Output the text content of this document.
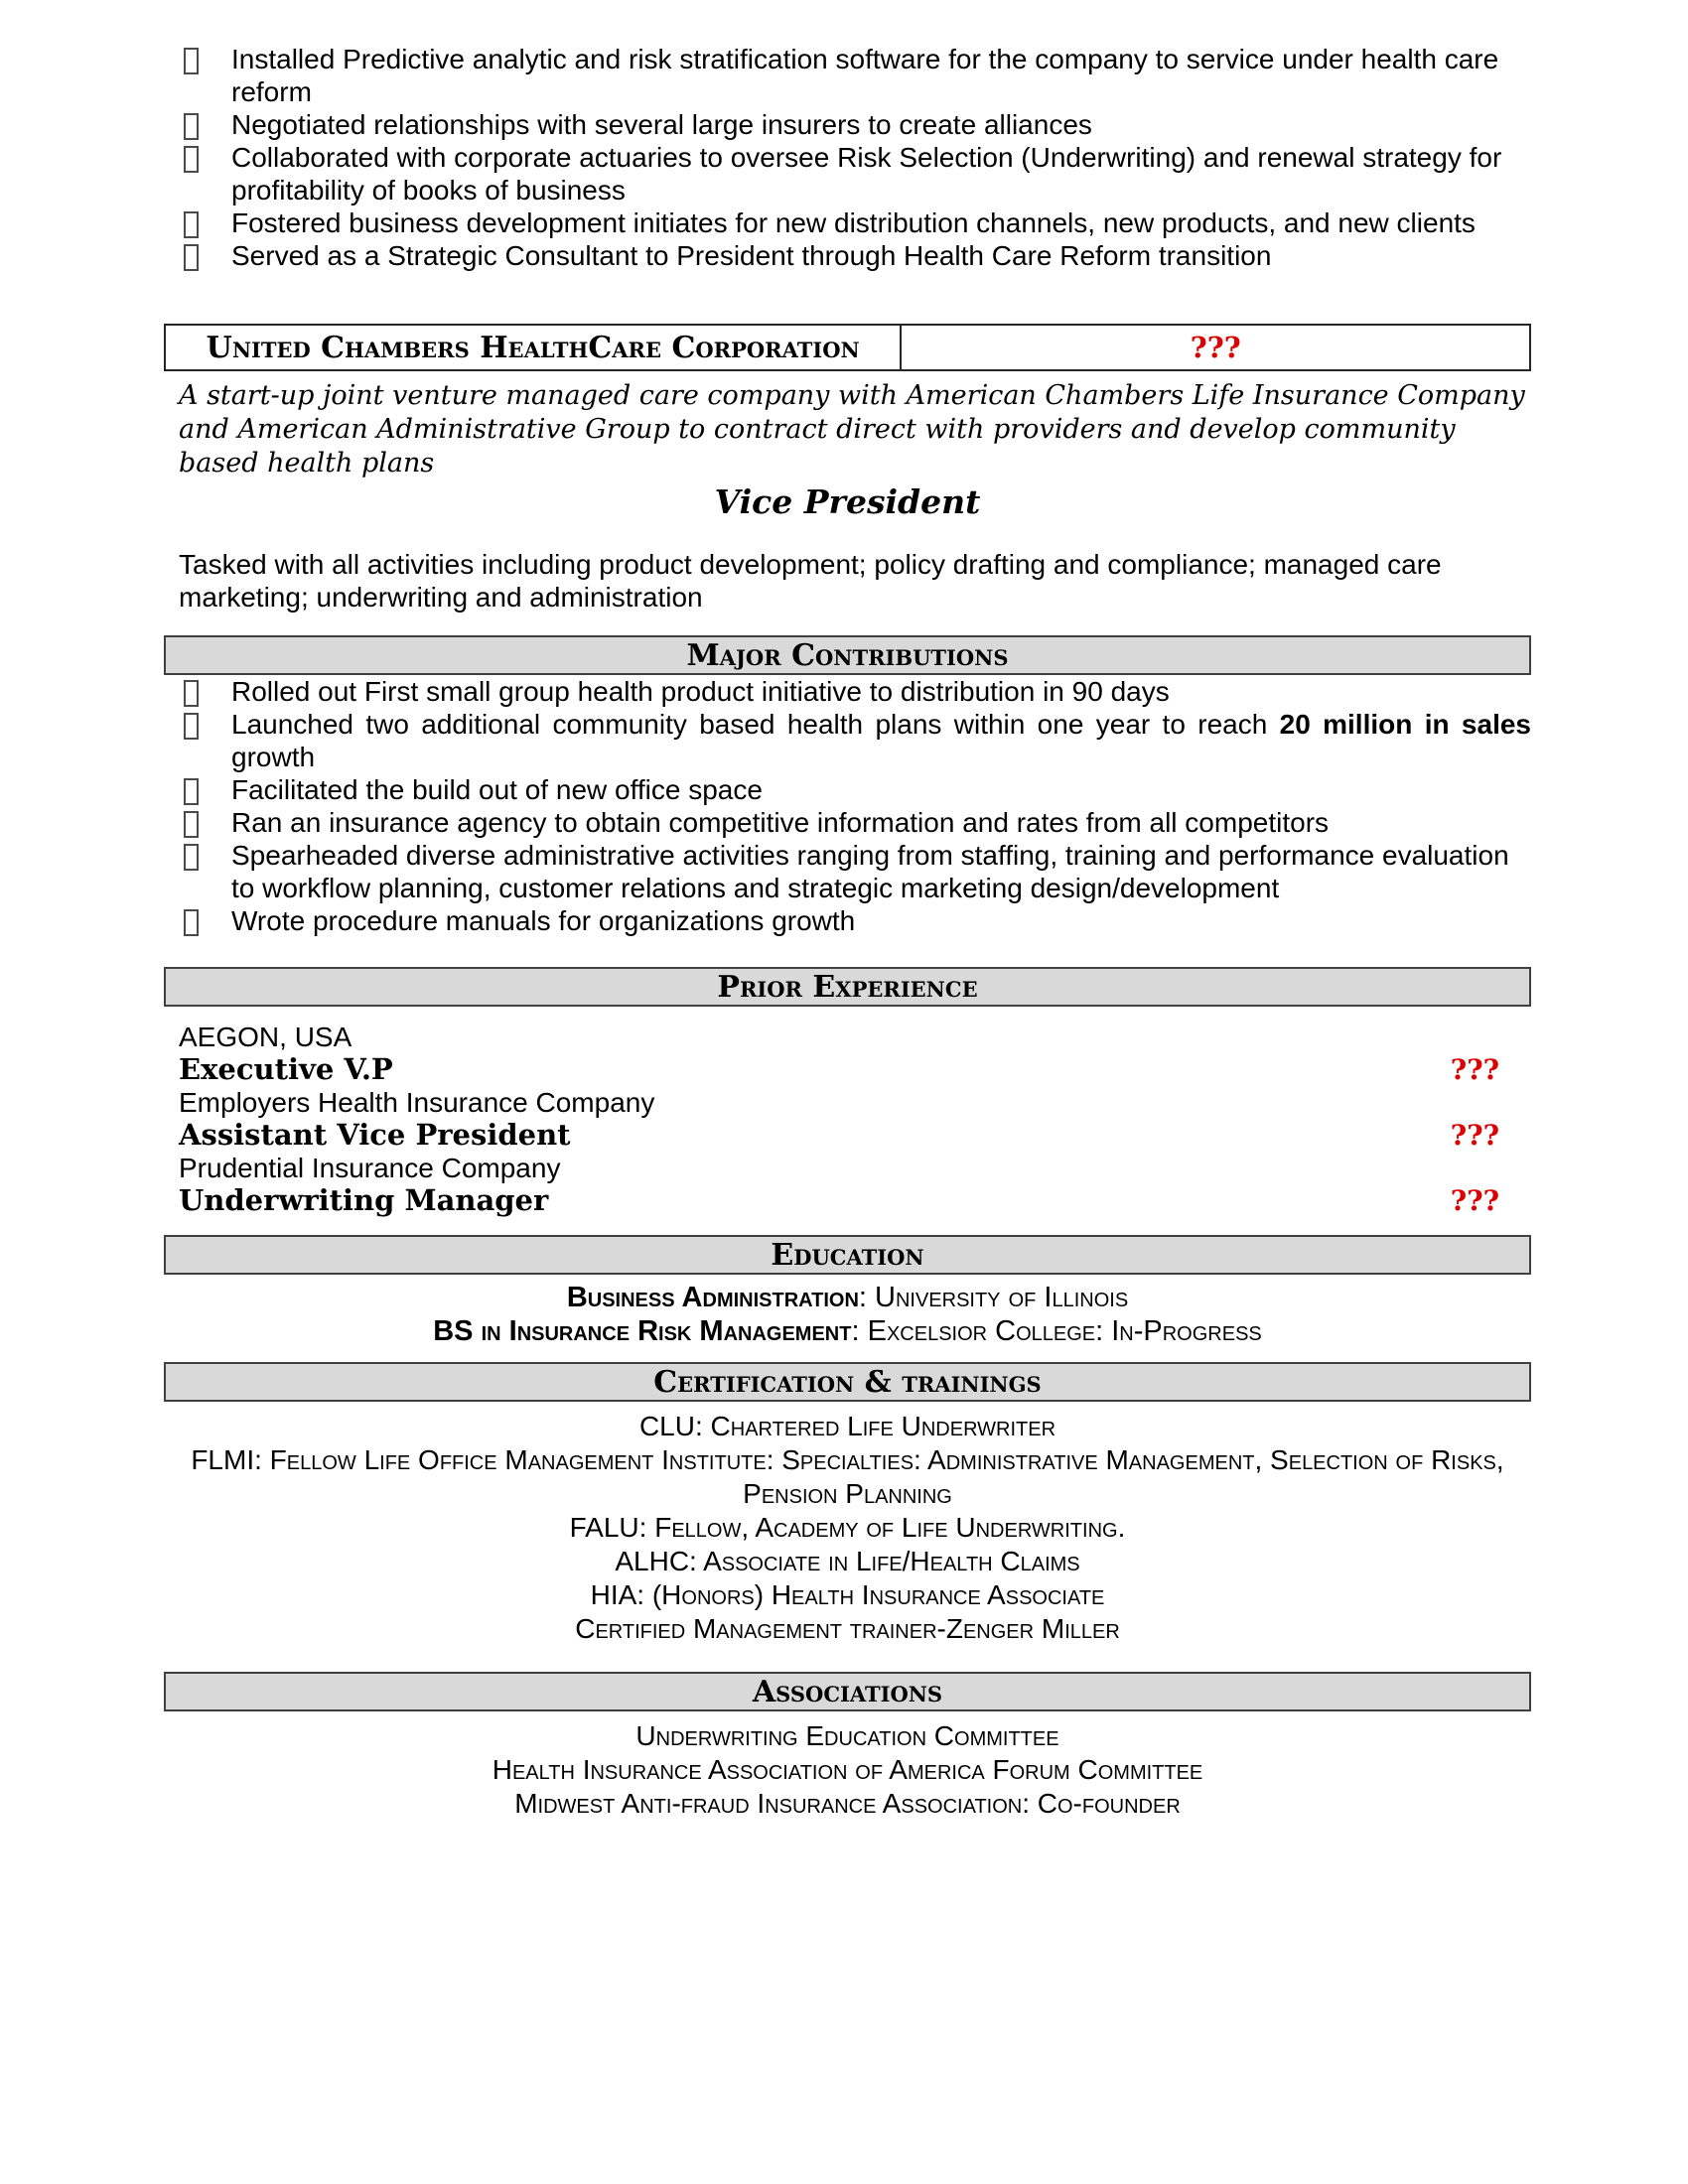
Installed Predictive analytic and risk stratification software for the company to service under health care reform
Negotiated relationships with several large insurers to create alliances
Collaborated with corporate actuaries to oversee Risk Selection (Underwriting) and renewal strategy for profitability of books of business
Fostered business development initiates for new distribution channels, new products, and new clients
Served as a Strategic Consultant to President through Health Care Reform transition
United Chambers HealthCare Corporation	???

A start-up joint venture managed care company with American Chambers Life Insurance Company and American Administrative Group to contract direct with providers and develop community based health plans

Vice President

Tasked with all activities including product development; policy drafting and compliance; managed care marketing; underwriting and administration

Major Contributions
Rolled out First small group health product initiative to distribution in 90 days
Launched two additional community based health plans within one year to reach 20 million in sales growth
Facilitated the build out of new office space
Ran an insurance agency to obtain competitive information and rates from all competitors
Spearheaded diverse administrative activities ranging from staffing, training and performance evaluation to workflow planning, customer relations and strategic marketing design/development
Wrote procedure manuals for organizations growth
Prior Experience
AEGON, USA
Executive V.P	???
Employers Health Insurance Company
Assistant Vice President	???
Prudential Insurance Company
Underwriting Manager	???
Education
Business Administration: University of Illinois
BS in Insurance Risk Management: Excelsior College: In-Progress
Certification & trainings
CLU: Chartered Life Underwriter
FLMI: Fellow Life Office Management Institute: Specialties: Administrative Management, Selection of Risks, Pension Planning
FALU: Fellow, Academy of Life Underwriting.
ALHC: Associate in Life/Health Claims
HIA: (Honors) Health Insurance Associate
Certified Management trainer-Zenger Miller
Associations
Underwriting Education Committee
Health Insurance Association of America Forum Committee
Midwest Anti-fraud Insurance Association: Co-founder
